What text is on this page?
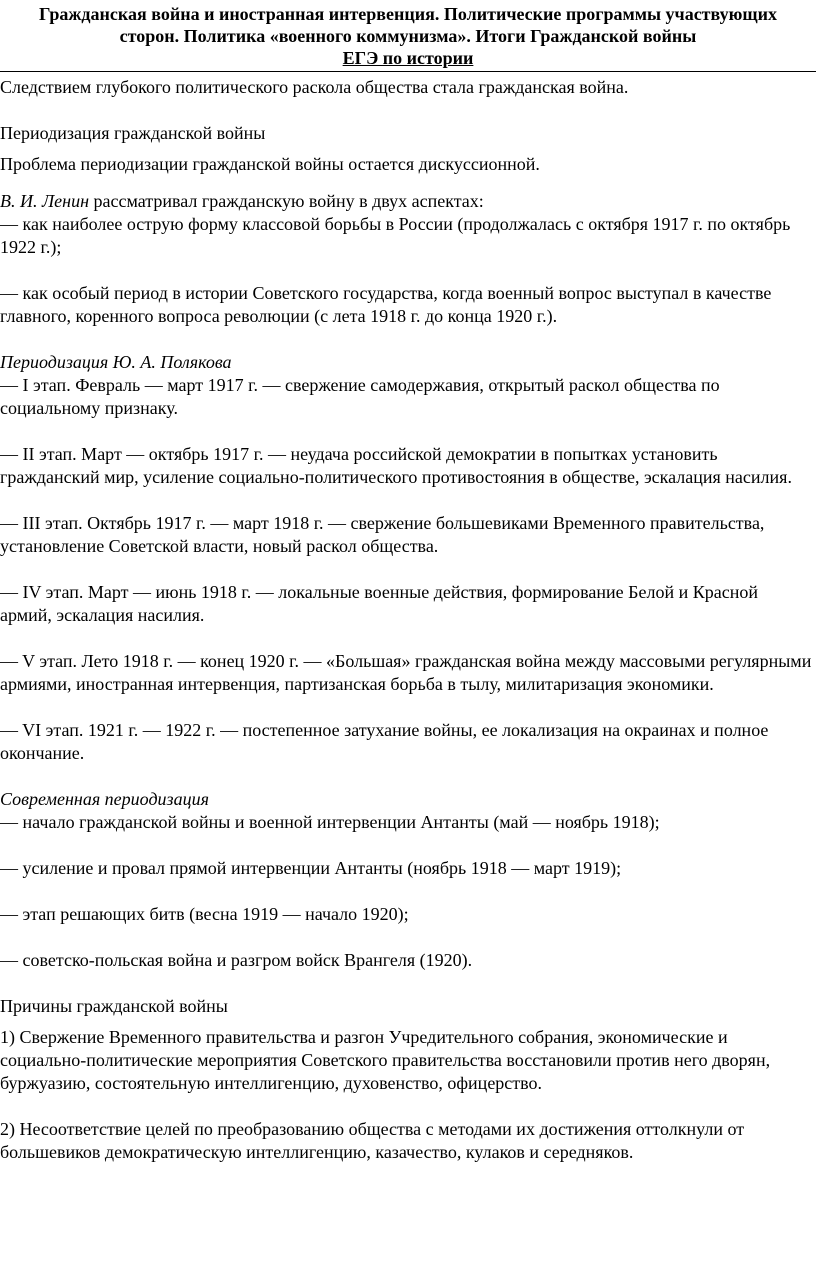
Гражданская война и иностранная интервенция. Политические программы участвующих
сторон. Политика «военного коммунизма». Итоги Гражданской войны
ЕГЭ по истории

Следствием глубокого политического раскола общества стала гражданская война.

Периодизация гражданской войны

Проблема периодизации гражданской войны остается дискуссионной.

В. И. Ленин рассматривал гражданскую войну в двух аспектах:

— как наиболее острую форму классовой борьбы в России (продолжалась с октября 1917 г. по октябрь 1922 г.);

— как особый период в истории Советского государства, когда военный вопрос выступал в качестве главного, коренного вопроса революции (с лета 1918 г. до конца 1920 г.).

Периодизация Ю. А. Полякова

— I этап. Февраль — март 1917 г. — свержение самодержавия, открытый раскол общества по социальному признаку.

— II этап. Март — октябрь 1917 г. — неудача российской демократии в попытках установить гражданский мир, усиление социально-политического противостояния в обществе, эскалация насилия.

— III этап. Октябрь 1917 г. — март 1918 г. — свержение большевиками Временного правительства, установление Советской власти, новый раскол общества.

— IV этап. Март — июнь 1918 г. — локальные военные действия, формирование Белой и Красной армий, эскалация насилия.

— V этап. Лето 1918 г. — конец 1920 г. — «Большая» гражданская война между массовыми регулярными армиями, иностранная интервенция, партизанская борьба в тылу, милитаризация экономики.

— VI этап. 1921 г. — 1922 г. — постепенное затухание войны, ее локализация на окраинах и полное окончание.

Современная периодизация

— начало гражданской войны и военной интервенции Антанты (май — ноябрь 1918);

— усиление и провал прямой интервенции Антанты (ноябрь 1918 — март 1919);

— этап решающих битв (весна 1919 — начало 1920);

— советско-польская война и разгром войск Врангеля (1920).

Причины гражданской войны

1) Свержение Временного правительства и разгон Учредительного собрания, экономические и социально-политические мероприятия Советского правительства восстановили против него дворян, буржуазию, состоятельную интеллигенцию, духовенство, офицерство.

2) Несоответствие целей по преобразованию общества с методами их достижения оттолкнули от большевиков демократическую интеллигенцию, казачество, кулаков и середняков.
